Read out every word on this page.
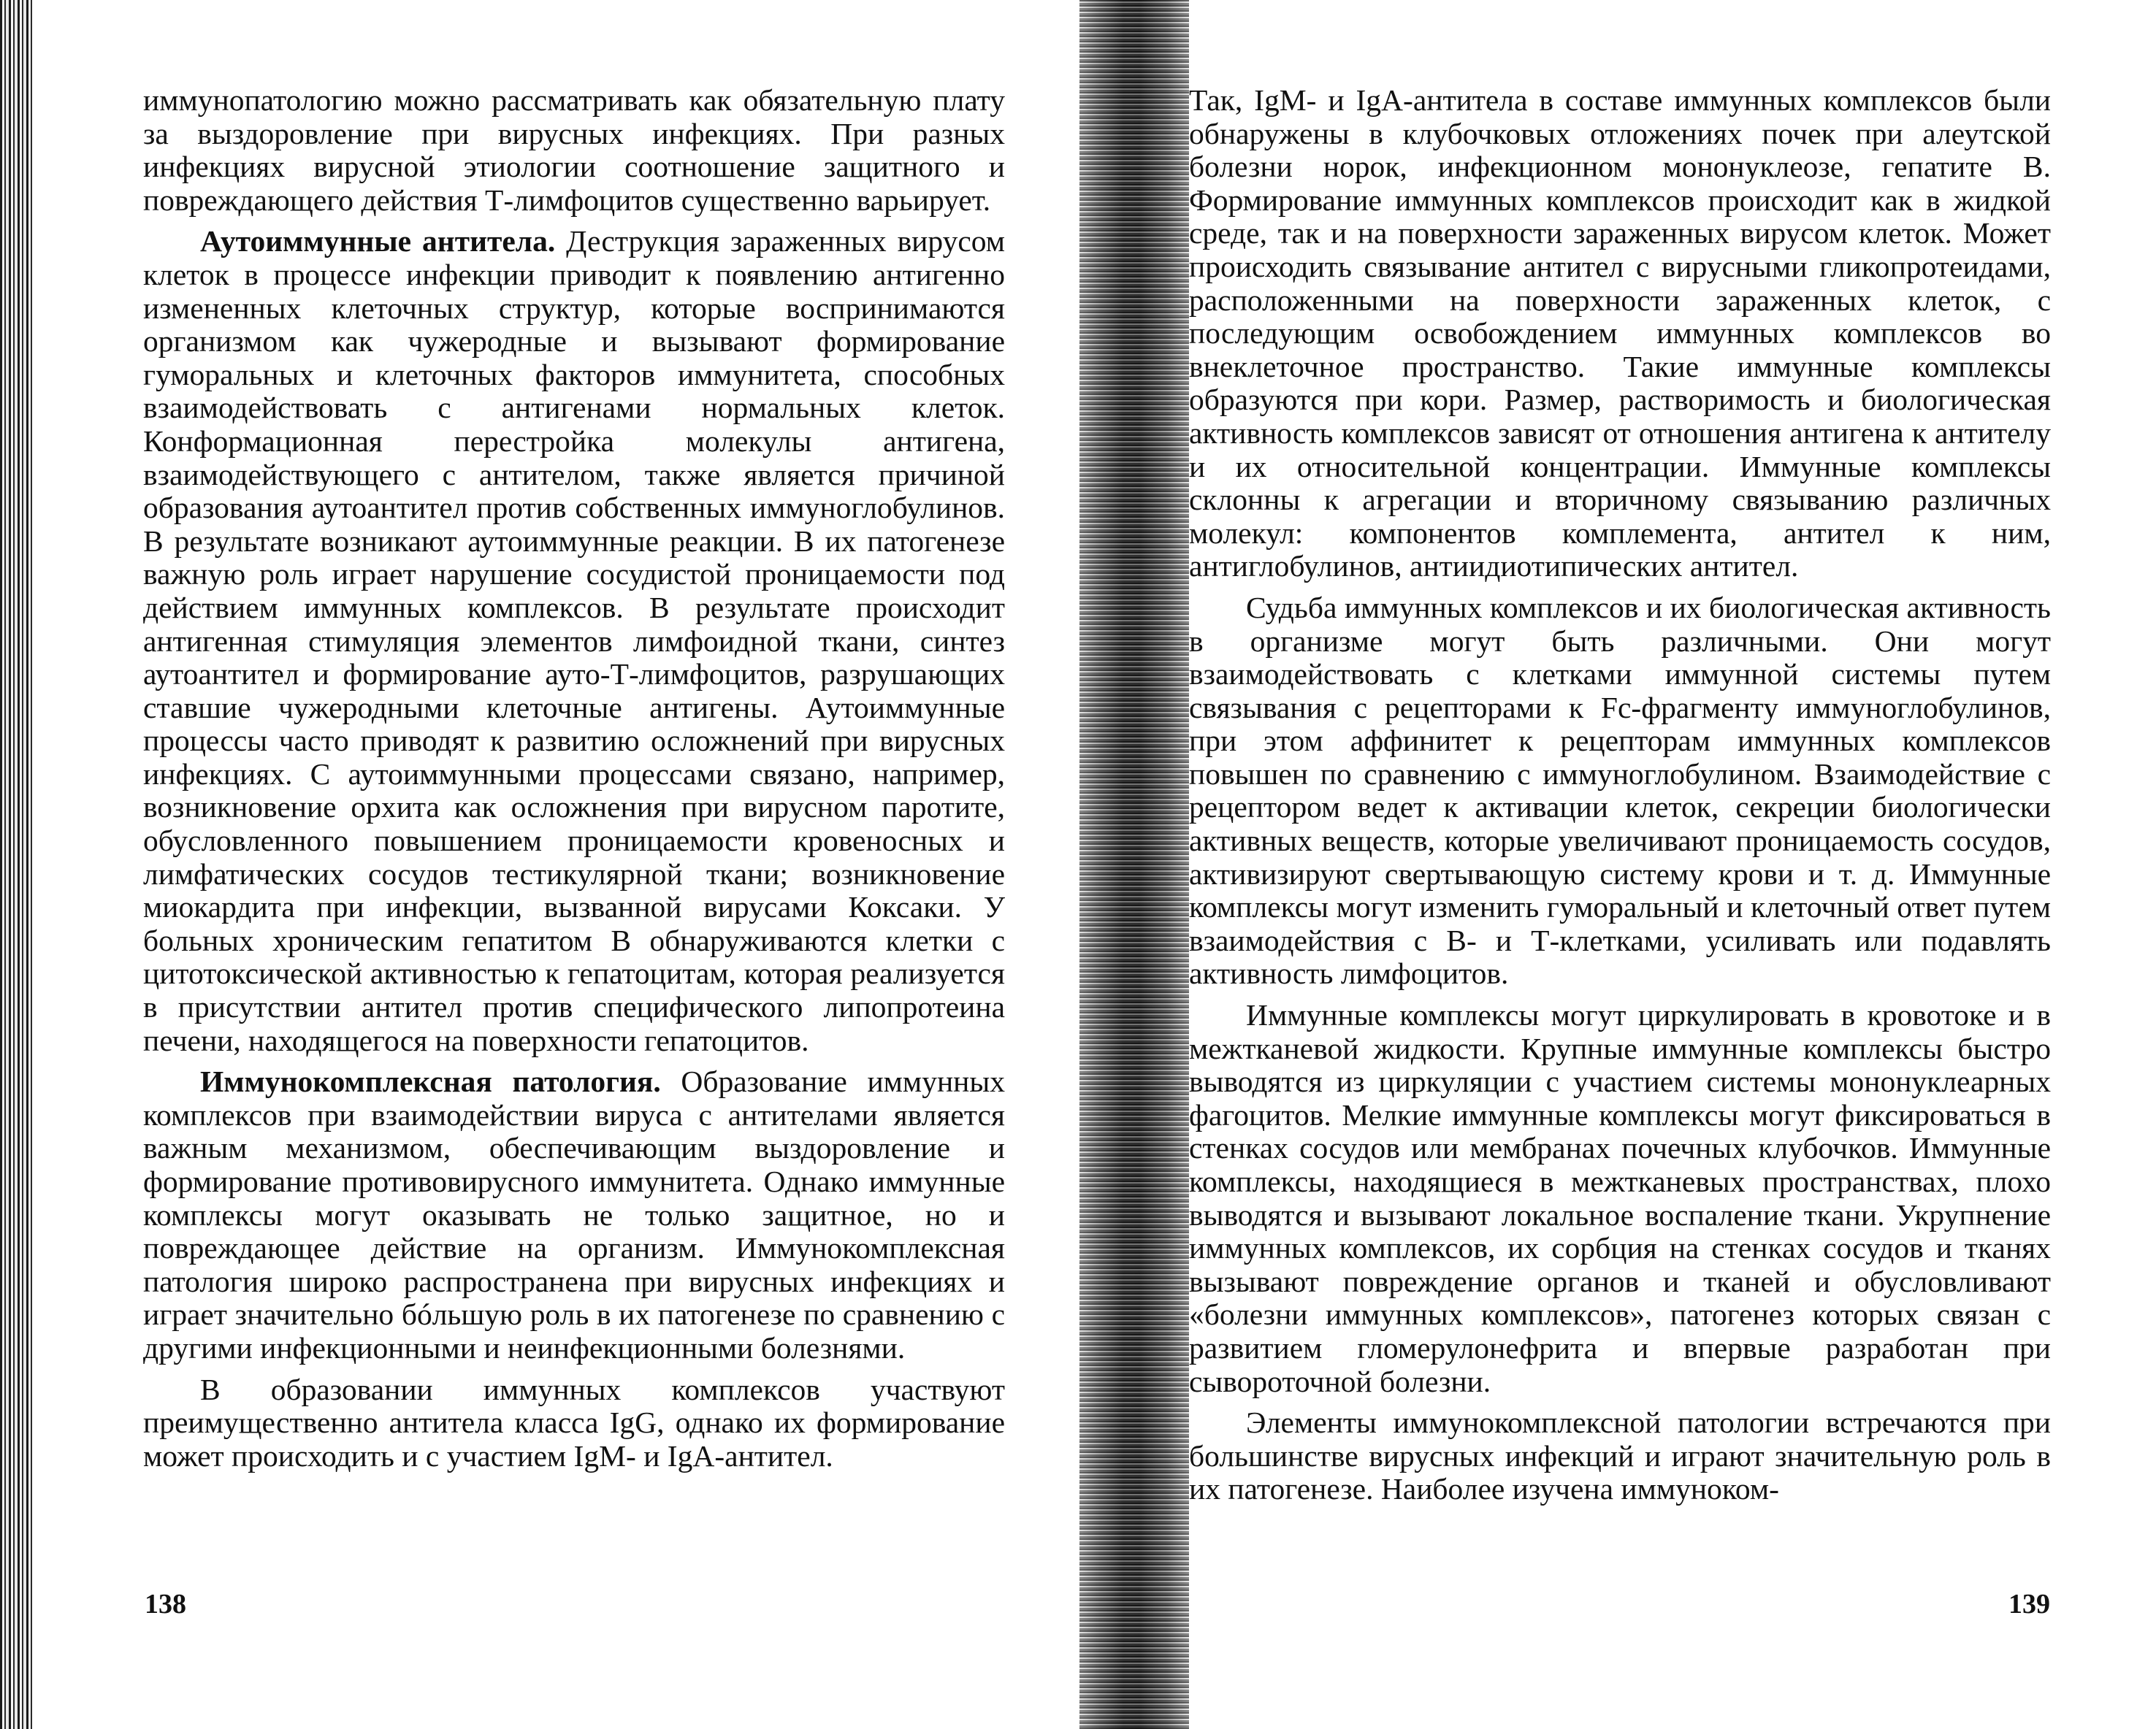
иммунопатологию можно рассматривать как обязательную плату за выздоровление при вирусных инфекциях. При разных инфекциях вирусной этиологии соотношение защитного и повреждающего действия Т-лимфоцитов существенно варьирует.

Аутоиммунные антитела. Деструкция зараженных вирусом клеток в процессе инфекции приводит к появлению антигенно измененных клеточных структур, которые воспринимаются организмом как чужеродные и вызывают формирование гуморальных и клеточных факторов иммунитета, способных взаимодействовать с антигенами нормальных клеток. Конформационная перестройка молекулы антигена, взаимодействующего с антителом, также является причиной образования аутоантител против собственных иммуноглобулинов. В результате возникают аутоиммунные реакции. В их патогенезе важную роль играет нарушение сосудистой проницаемости под действием иммунных комплексов. В результате происходит антигенная стимуляция элементов лимфоидной ткани, синтез аутоантител и формирование ауто-Т-лимфоцитов, разрушающих ставшие чужеродными клеточные антигены. Аутоиммунные процессы часто приводят к развитию осложнений при вирусных инфекциях. С аутоиммунными процессами связано, например, возникновение орхита как осложнения при вирусном паротите, обусловленного повышением проницаемости кровеносных и лимфатических сосудов тестикулярной ткани; возникновение миокардита при инфекции, вызванной вирусами Коксаки. У больных хроническим гепатитом В обнаруживаются клетки с цитотоксической активностью к гепатоцитам, которая реализуется в присутствии антител против специфического липопротеина печени, находящегося на поверхности гепатоцитов.

Иммунокомплексная патология. Образование иммунных комплексов при взаимодействии вируса с антителами является важным механизмом, обеспечивающим выздоровление и формирование противовирусного иммунитета. Однако иммунные комплексы могут оказывать не только защитное, но и повреждающее действие на организм. Иммунокомплексная патология широко распространена при вирусных инфекциях и играет значительно бóльшую роль в их патогенезе по сравнению с другими инфекционными и неинфекционными болезнями.

В образовании иммунных комплексов участвуют преимущественно антитела класса IgG, однако их формирование может происходить и с участием IgM- и IgA-антител.

138

Так, IgM- и IgA-антитела в составе иммунных комплексов были обнаружены в клубочковых отложениях почек при алеутской болезни норок, инфекционном мононуклеозе, гепатите В. Формирование иммунных комплексов происходит как в жидкой среде, так и на поверхности зараженных вирусом клеток. Может происходить связывание антител с вирусными гликопротеидами, расположенными на поверхности зараженных клеток, с последующим освобождением иммунных комплексов во внеклеточное пространство. Такие иммунные комплексы образуются при кори. Размер, растворимость и биологическая активность комплексов зависят от отношения антигена к антителу и их относительной концентрации. Иммунные комплексы склонны к агрегации и вторичному связыванию различных молекул: компонентов комплемента, антител к ним, антиглобулинов, антиидиотипических антител.

Судьба иммунных комплексов и их биологическая активность в организме могут быть различными. Они могут взаимодействовать с клетками иммунной системы путем связывания с рецепторами к Fc-фрагменту иммуноглобулинов, при этом аффинитет к рецепторам иммунных комплексов повышен по сравнению с иммуноглобулином. Взаимодействие с рецептором ведет к активации клеток, секреции биологически активных веществ, которые увеличивают проницаемость сосудов, активизируют свертывающую систему крови и т. д. Иммунные комплексы могут изменить гуморальный и клеточный ответ путем взаимодействия с В- и Т-клетками, усиливать или подавлять активность лимфоцитов.

Иммунные комплексы могут циркулировать в кровотоке и в межтканевой жидкости. Крупные иммунные комплексы быстро выводятся из циркуляции с участием системы мононуклеарных фагоцитов. Мелкие иммунные комплексы могут фиксироваться в стенках сосудов или мембранах почечных клубочков. Иммунные комплексы, находящиеся в межтканевых пространствах, плохо выводятся и вызывают локальное воспаление ткани. Укрупнение иммунных комплексов, их сорбция на стенках сосудов и тканях вызывают повреждение органов и тканей и обусловливают «болезни иммунных комплексов», патогенез которых связан с развитием гломерулонефрита и впервые разработан при сывороточной болезни.

Элементы иммунокомплексной патологии встречаются при большинстве вирусных инфекций и играют значительную роль в их патогенезе. Наиболее изучена иммуноком-

139
